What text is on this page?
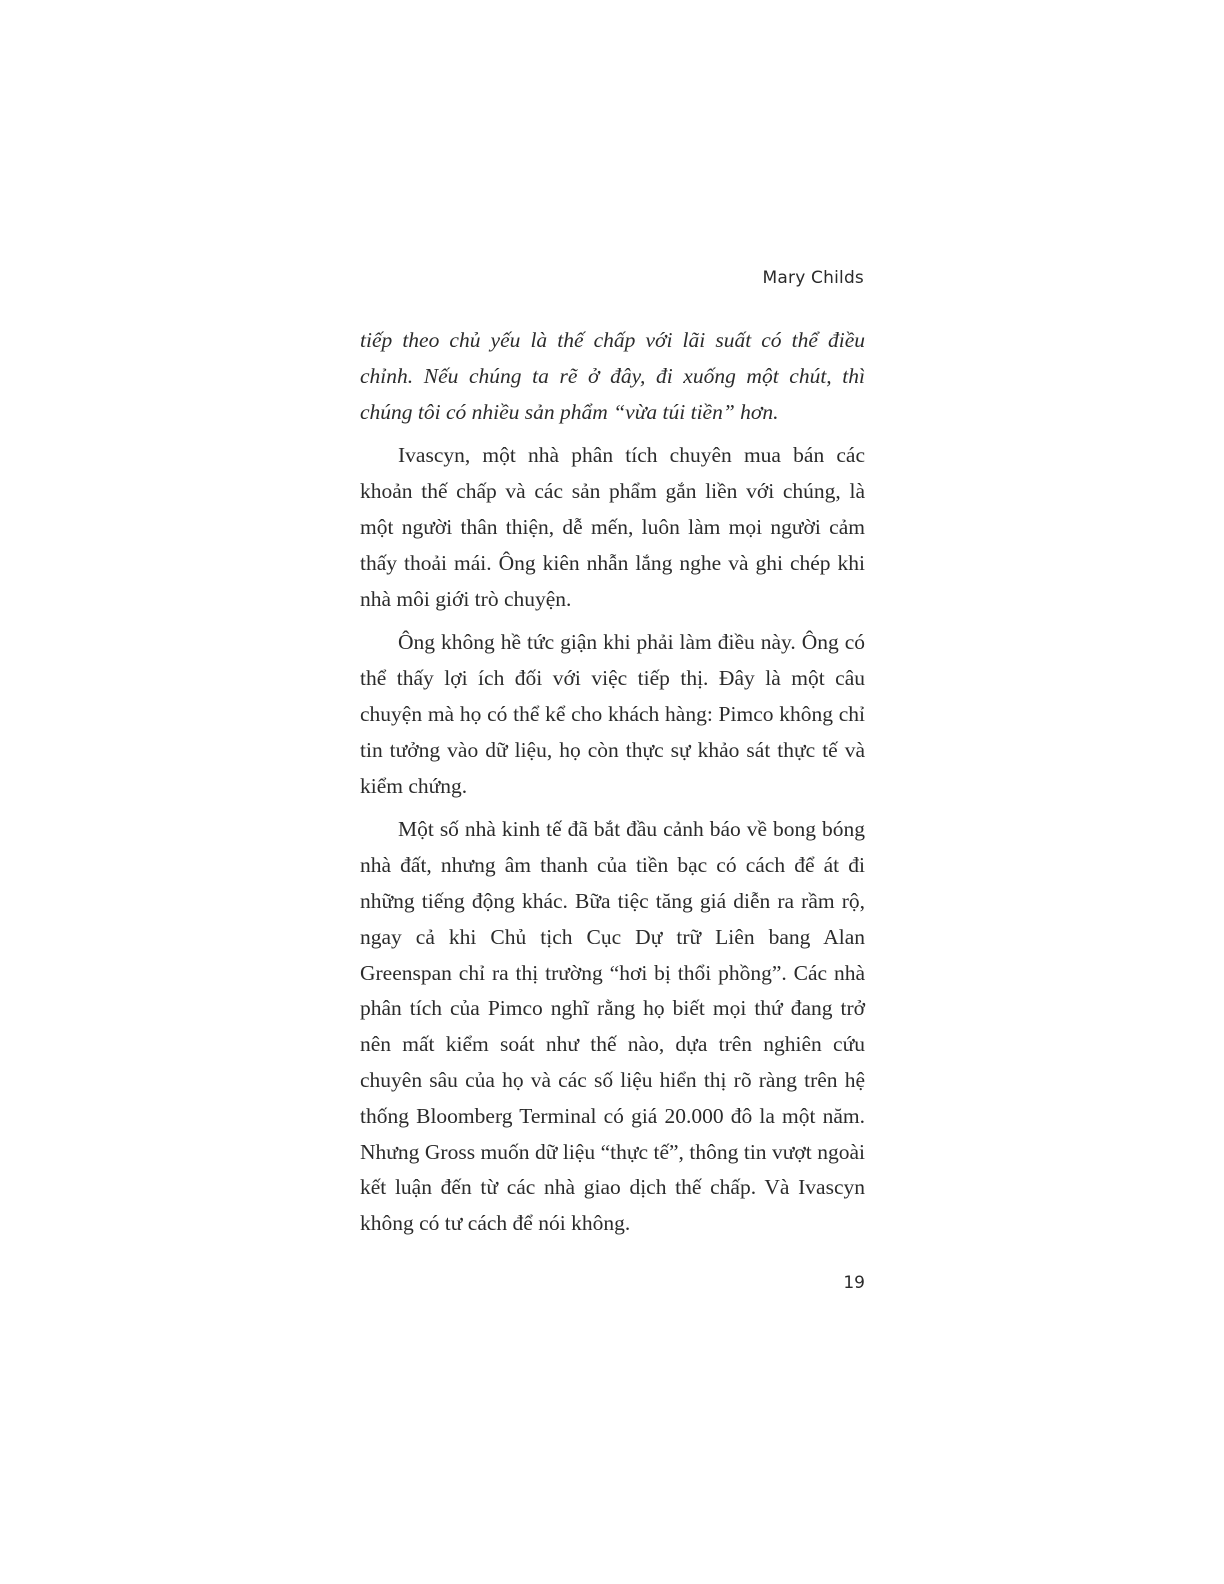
Mary Childs

tiếp theo chủ yếu là thế chấp với lãi suất có thể điều chỉnh. Nếu chúng ta rẽ ở đây, đi xuống một chút, thì chúng tôi có nhiều sản phẩm “vừa túi tiền” hơn.

Ivascyn, một nhà phân tích chuyên mua bán các khoản thế chấp và các sản phẩm gắn liền với chúng, là một người thân thiện, dễ mến, luôn làm mọi người cảm thấy thoải mái. Ông kiên nhẫn lắng nghe và ghi chép khi nhà môi giới trò chuyện.

Ông không hề tức giận khi phải làm điều này. Ông có thể thấy lợi ích đối với việc tiếp thị. Đây là một câu chuyện mà họ có thể kể cho khách hàng: Pimco không chỉ tin tưởng vào dữ liệu, họ còn thực sự khảo sát thực tế và kiểm chứng.

Một số nhà kinh tế đã bắt đầu cảnh báo về bong bóng nhà đất, nhưng âm thanh của tiền bạc có cách để át đi những tiếng động khác. Bữa tiệc tăng giá diễn ra rầm rộ, ngay cả khi Chủ tịch Cục Dự trữ Liên bang Alan Greenspan chỉ ra thị trường “hơi bị thổi phồng”. Các nhà phân tích của Pimco nghĩ rằng họ biết mọi thứ đang trở nên mất kiểm soát như thế nào, dựa trên nghiên cứu chuyên sâu của họ và các số liệu hiển thị rõ ràng trên hệ thống Bloomberg Terminal có giá 20.000 đô la một năm. Nhưng Gross muốn dữ liệu “thực tế”, thông tin vượt ngoài kết luận đến từ các nhà giao dịch thế chấp. Và Ivascyn không có tư cách để nói không.

19
